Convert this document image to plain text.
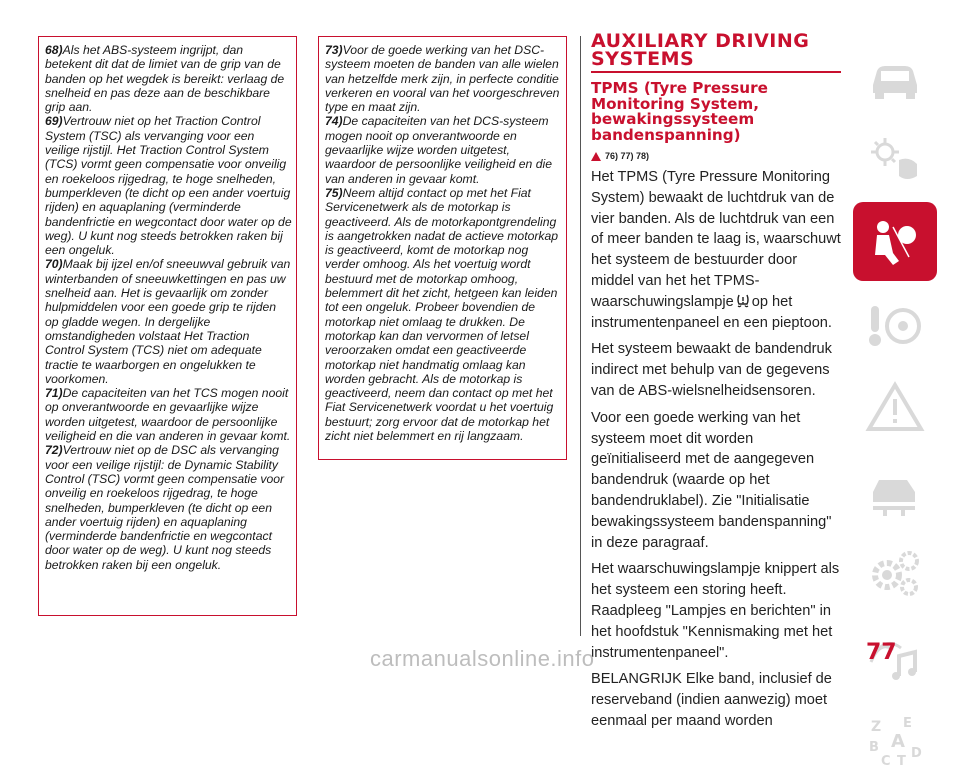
68)Als het ABS-systeem ingrijpt, dan betekent dit dat de limiet van de grip van de banden op het wegdek is bereikt: verlaag de snelheid en pas deze aan de beschikbare grip aan.

69)Vertrouw niet op het Traction Control System (TSC) als vervanging voor een veilige rijstijl. Het Traction Control System (TCS) vormt geen compensatie voor onveilig en roekeloos rijgedrag, te hoge snelheden, bumperkleven (te dicht op een ander voertuig rijden) en aquaplaning (verminderde bandenfrictie en wegcontact door water op de weg). U kunt nog steeds betrokken raken bij een ongeluk.

70)Maak bij ijzel en/of sneeuwval gebruik van winterbanden of sneeuwkettingen en pas uw snelheid aan. Het is gevaarlijk om zonder hulpmiddelen voor een goede grip te rijden op gladde wegen. In dergelijke omstandigheden volstaat Het Traction Control System (TCS) niet om adequate tractie te waarborgen en ongelukken te voorkomen.

71)De capaciteiten van het TCS mogen nooit op onverantwoorde en gevaarlijke wijze worden uitgetest, waardoor de persoonlijke veiligheid en die van anderen in gevaar komt.

72)Vertrouw niet op de DSC als vervanging voor een veilige rijstijl: de Dynamic Stability Control (TSC) vormt geen compensatie voor onveilig en roekeloos rijgedrag, te hoge snelheden, bumperkleven (te dicht op een ander voertuig rijden) en aquaplaning (verminderde bandenfrictie en wegcontact door water op de weg). U kunt nog steeds betrokken raken bij een ongeluk.

73)Voor de goede werking van het DSC-systeem moeten de banden van alle wielen van hetzelfde merk zijn, in perfecte conditie verkeren en vooral van het voorgeschreven type en maat zijn.

74)De capaciteiten van het DCS-systeem mogen nooit op onverantwoorde en gevaarlijke wijze worden uitgetest, waardoor de persoonlijke veiligheid en die van anderen in gevaar komt.

75)Neem altijd contact op met het Fiat Servicenetwerk als de motorkap is geactiveerd. Als de motorkapontgrendeling is aangetrokken nadat de actieve motorkap is geactiveerd, komt de motorkap nog verder omhoog. Als het voertuig wordt bestuurd met de motorkap omhoog, belemmert dit het zicht, hetgeen kan leiden tot een ongeluk. Probeer bovendien de motorkap niet omlaag te drukken. De motorkap kan dan vervormen of letsel veroorzaken omdat een geactiveerde motorkap niet handmatig omlaag kan worden gebracht. Als de motorkap is geactiveerd, neem dan contact op met het Fiat Servicenetwerk voordat u het voertuig bestuurt; zorg ervoor dat de motorkap het zicht niet belemmert en rij langzaam.

AUXILIARY DRIVING
SYSTEMS
TPMS (Tyre Pressure Monitoring System, bewakingssysteem bandenspanning)
76) 77) 78)

Het TPMS (Tyre Pressure Monitoring System) bewaakt de luchtdruk van de vier banden. Als de luchtdruk van een of meer banden te laag is, waarschuwt het systeem de bestuurder door middel van het het TPMS-waarschuwingslampje op het instrumentenpaneel en een pieptoon.

Het systeem bewaakt de bandendruk indirect met behulp van de gegevens van de ABS-wielsnelheidsensoren.

Voor een goede werking van het systeem moet dit worden geïnitialiseerd met de aangegeven bandendruk (waarde op het bandendruklabel). Zie "Initialisatie bewakingssysteem bandenspanning" in deze paragraaf.

Het waarschuwingslampje knippert als het systeem een storing heeft. Raadpleeg "Lampjes en berichten" in het hoofdstuk "Kennismaking met het instrumentenpaneel".

BELANGRIJK Elke band, inclusief de reserveband (indien aanwezig) moet eenmaal per maand worden	Z E
A
B
C T
D
77
carmanualsonline.info
